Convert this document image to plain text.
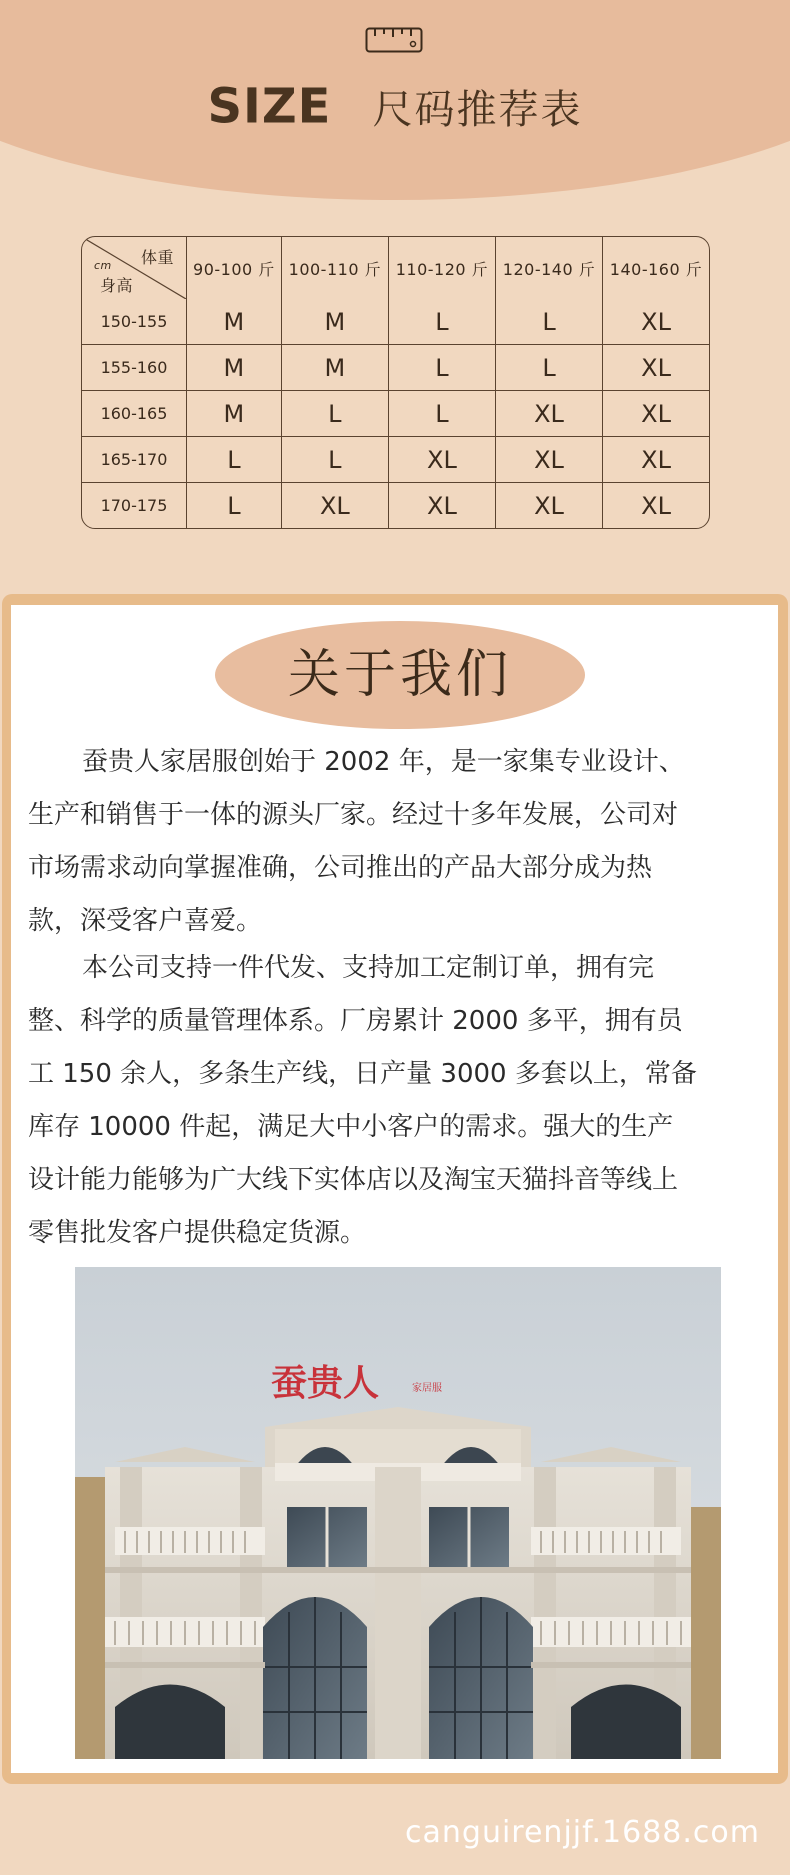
SIZE 尺码推荐表
体重
cm
身高	90-100 斤	100-110 斤	110-120 斤	120-140 斤	140-160 斤
150-155	M	M	L	L	XL
155-160	M	M	L	L	XL
160-165	M	L	L	XL	XL
165-170	L	L	XL	XL	XL
170-175	L	XL	XL	XL	XL
关于我们
蚕贵人家居服创始于 2002 年，是一家集专业设计、
生产和销售于一体的源头厂家。经过十多年发展，公司对
市场需求动向掌握准确，公司推出的产品大部分成为热
款，深受客户喜爱。
本公司支持一件代发、支持加工定制订单，拥有完
整、科学的质量管理体系。厂房累计 2000 多平，拥有员
工 150 余人，多条生产线，日产量 3000 多套以上，常备
库存 10000 件起，满足大中小客户的需求。强大的生产
设计能力能够为广大线下实体店以及淘宝天猫抖音等线上
零售批发客户提供稳定货源。
蚕贵人	家居服
canguirenjjf.1688.com
